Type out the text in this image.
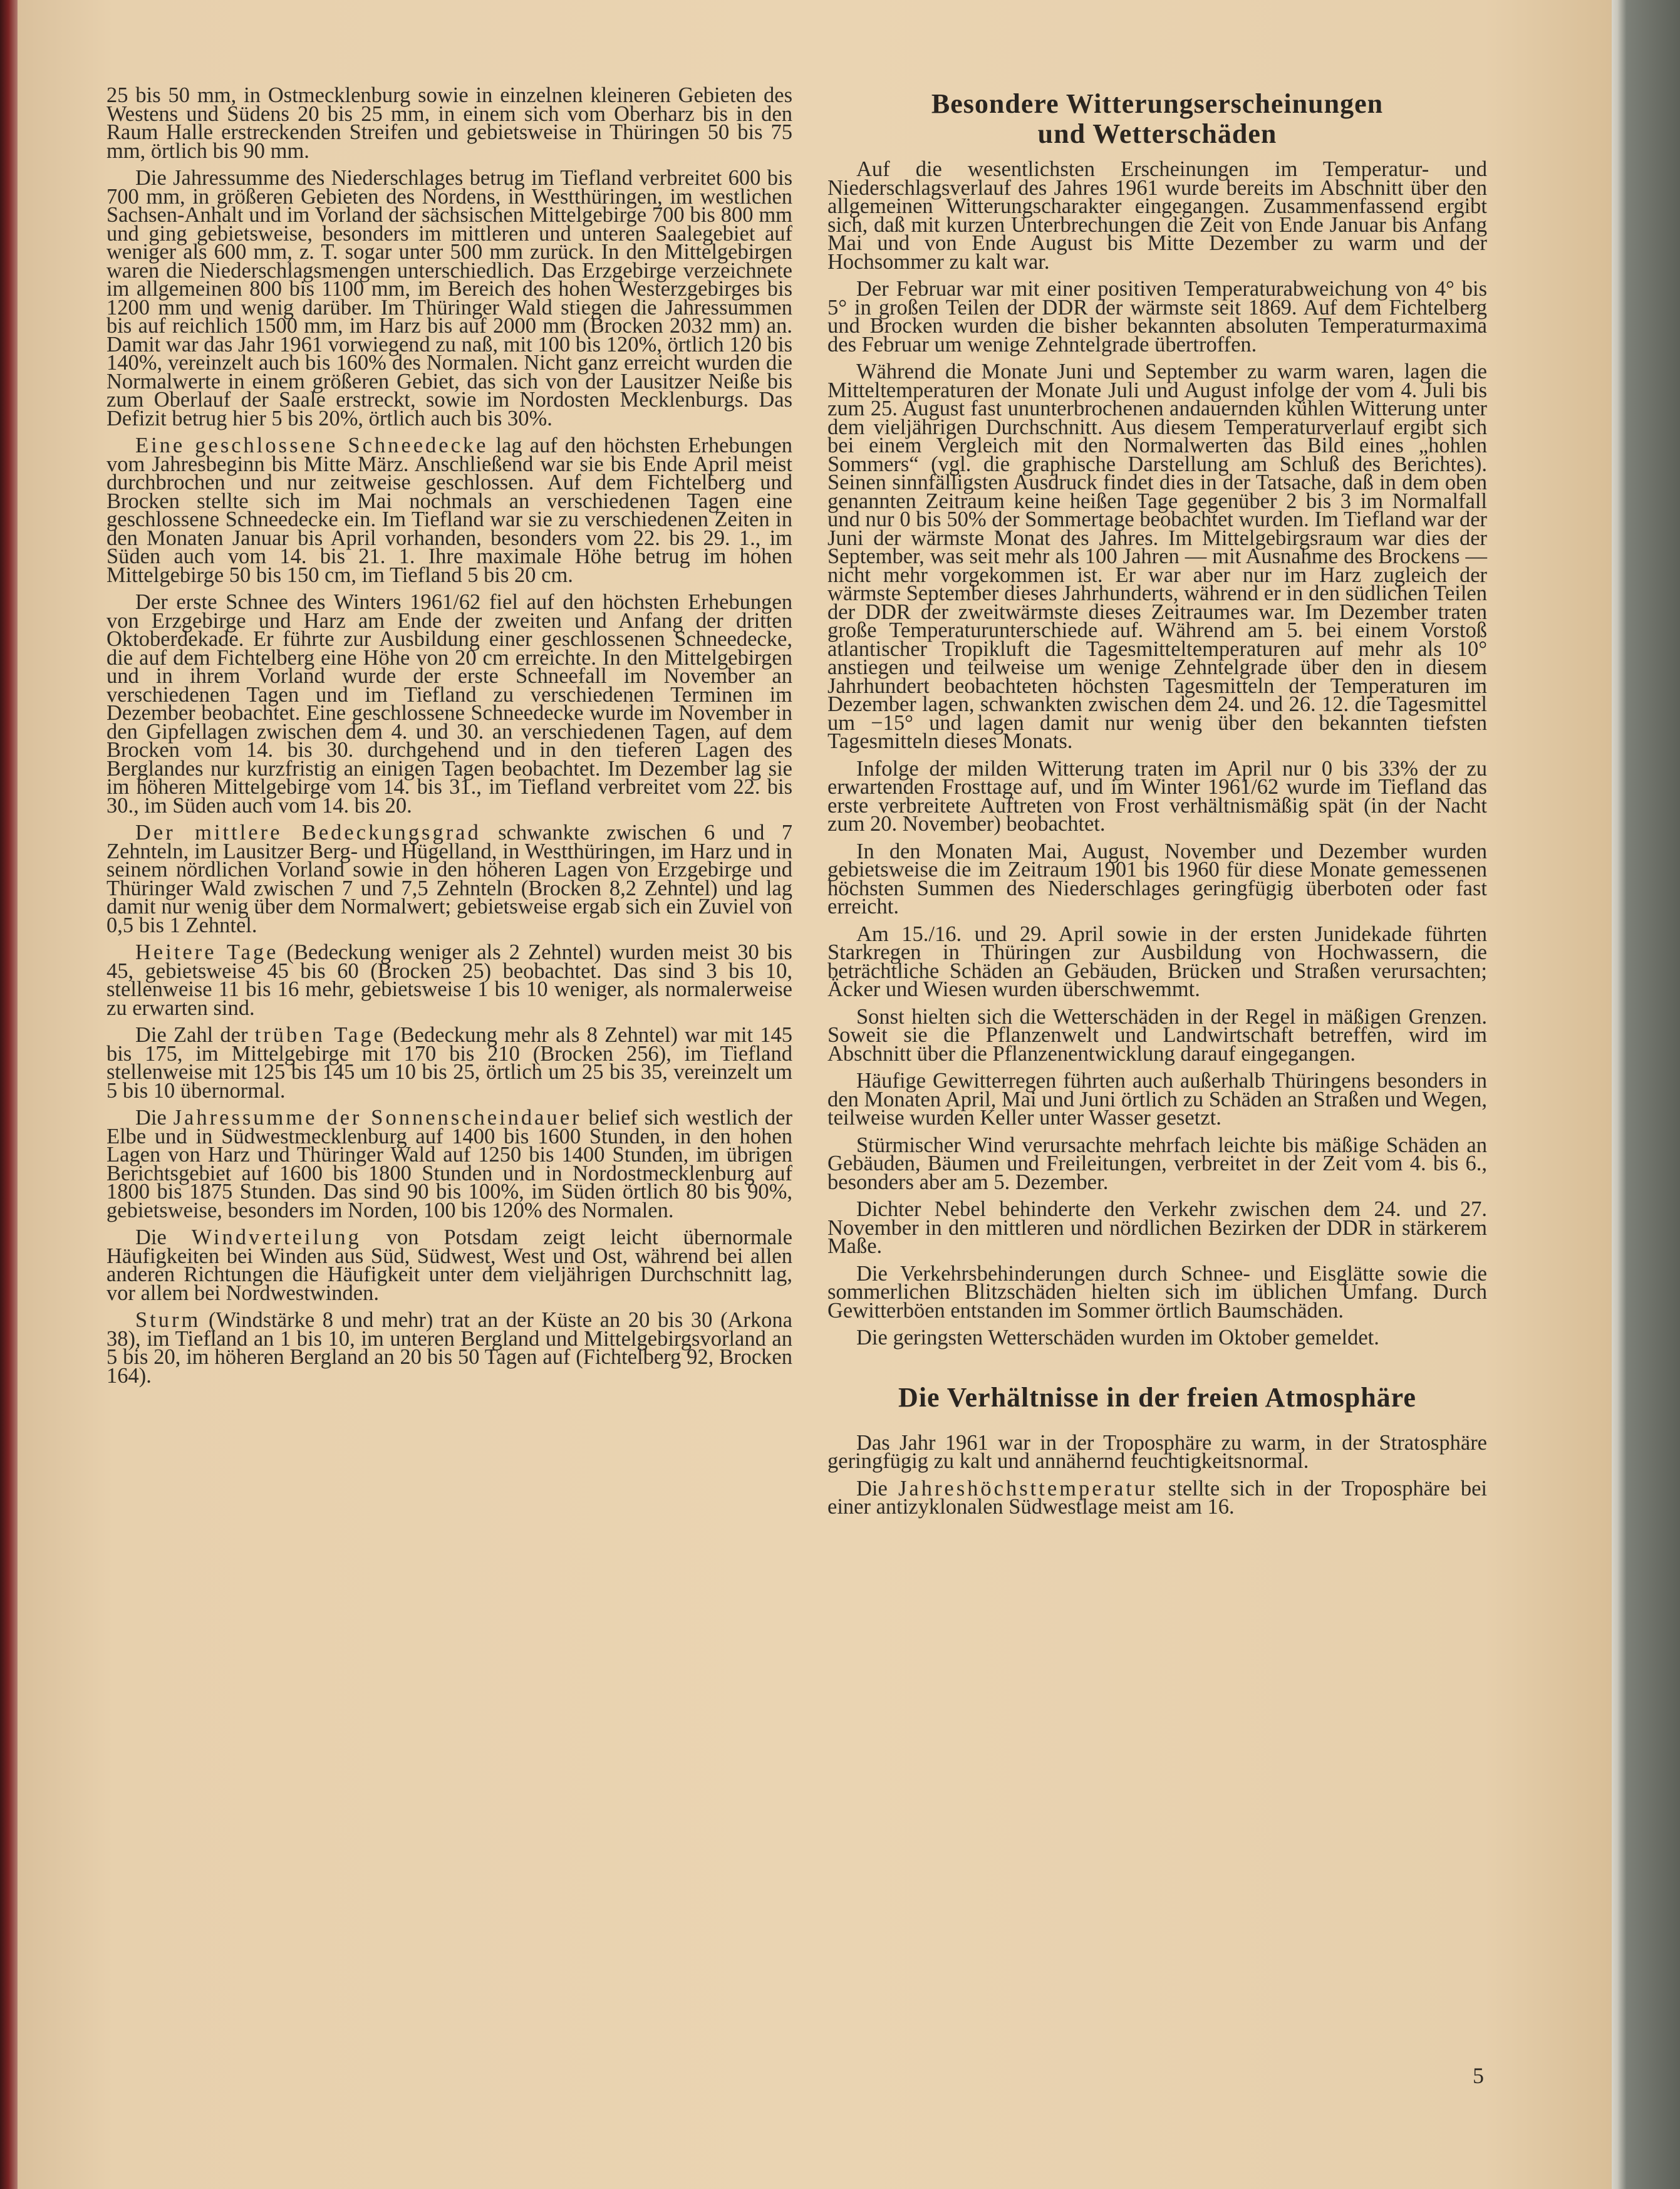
25 bis 50 mm, in Ostmecklenburg sowie in einzelnen kleineren Gebieten des Westens und Südens 20 bis 25 mm, in einem sich vom Oberharz bis in den Raum Halle erstreckenden Streifen und gebietsweise in Thüringen 50 bis 75 mm, örtlich bis 90 mm.

Die Jahressumme des Niederschlages betrug im Tiefland verbreitet 600 bis 700 mm, in größeren Gebieten des Nordens, in Westthüringen, im westlichen Sachsen-Anhalt und im Vorland der sächsischen Mittelgebirge 700 bis 800 mm und ging gebietsweise, besonders im mittleren und unteren Saalegebiet auf weniger als 600 mm, z. T. sogar unter 500 mm zurück. In den Mittelgebirgen waren die Niederschlagsmengen unterschiedlich. Das Erzgebirge verzeichnete im allgemeinen 800 bis 1100 mm, im Bereich des hohen Westerzgebirges bis 1200 mm und wenig darüber. Im Thüringer Wald stiegen die Jahressummen bis auf reichlich 1500 mm, im Harz bis auf 2000 mm (Brocken 2032 mm) an. Damit war das Jahr 1961 vorwiegend zu naß, mit 100 bis 120%, örtlich 120 bis 140%, vereinzelt auch bis 160% des Normalen. Nicht ganz erreicht wurden die Normalwerte in einem größeren Gebiet, das sich von der Lausitzer Neiße bis zum Oberlauf der Saale erstreckt, sowie im Nordosten Mecklenburgs. Das Defizit betrug hier 5 bis 20%, örtlich auch bis 30%.

Eine geschlossene Schneedecke lag auf den höchsten Erhebungen vom Jahresbeginn bis Mitte März. Anschließend war sie bis Ende April meist durchbrochen und nur zeitweise geschlossen. Auf dem Fichtelberg und Brocken stellte sich im Mai nochmals an verschiedenen Tagen eine geschlossene Schneedecke ein. Im Tiefland war sie zu verschiedenen Zeiten in den Monaten Januar bis April vorhanden, besonders vom 22. bis 29. 1., im Süden auch vom 14. bis 21. 1. Ihre maximale Höhe betrug im hohen Mittelgebirge 50 bis 150 cm, im Tiefland 5 bis 20 cm.

Der erste Schnee des Winters 1961/62 fiel auf den höchsten Erhebungen von Erzgebirge und Harz am Ende der zweiten und Anfang der dritten Oktoberdekade. Er führte zur Ausbildung einer geschlossenen Schneedecke, die auf dem Fichtelberg eine Höhe von 20 cm erreichte. In den Mittelgebirgen und in ihrem Vorland wurde der erste Schneefall im November an verschiedenen Tagen und im Tiefland zu verschiedenen Terminen im Dezember beobachtet. Eine geschlossene Schneedecke wurde im November in den Gipfellagen zwischen dem 4. und 30. an verschiedenen Tagen, auf dem Brocken vom 14. bis 30. durchgehend und in den tieferen Lagen des Berglandes nur kurzfristig an einigen Tagen beobachtet. Im Dezember lag sie im höheren Mittelgebirge vom 14. bis 31., im Tiefland verbreitet vom 22. bis 30., im Süden auch vom 14. bis 20.

Der mittlere Bedeckungsgrad schwankte zwischen 6 und 7 Zehnteln, im Lausitzer Berg- und Hügelland, in Westthüringen, im Harz und in seinem nördlichen Vorland sowie in den höheren Lagen von Erzgebirge und Thüringer Wald zwischen 7 und 7,5 Zehnteln (Brocken 8,2 Zehntel) und lag damit nur wenig über dem Normalwert; gebietsweise ergab sich ein Zuviel von 0,5 bis 1 Zehntel.

Heitere Tage (Bedeckung weniger als 2 Zehntel) wurden meist 30 bis 45, gebietsweise 45 bis 60 (Brocken 25) beobachtet. Das sind 3 bis 10, stellenweise 11 bis 16 mehr, gebietsweise 1 bis 10 weniger, als normalerweise zu erwarten sind.

Die Zahl der trüben Tage (Bedeckung mehr als 8 Zehntel) war mit 145 bis 175, im Mittelgebirge mit 170 bis 210 (Brocken 256), im Tiefland stellenweise mit 125 bis 145 um 10 bis 25, örtlich um 25 bis 35, vereinzelt um 5 bis 10 übernormal.

Die Jahressumme der Sonnenscheindauer belief sich westlich der Elbe und in Südwestmecklenburg auf 1400 bis 1600 Stunden, in den hohen Lagen von Harz und Thüringer Wald auf 1250 bis 1400 Stunden, im übrigen Berichtsgebiet auf 1600 bis 1800 Stunden und in Nordostmecklenburg auf 1800 bis 1875 Stunden. Das sind 90 bis 100%, im Süden örtlich 80 bis 90%, gebietsweise, besonders im Norden, 100 bis 120% des Normalen.

Die Windverteilung von Potsdam zeigt leicht übernormale Häufigkeiten bei Winden aus Süd, Südwest, West und Ost, während bei allen anderen Richtungen die Häufigkeit unter dem vieljährigen Durchschnitt lag, vor allem bei Nordwestwinden.

Sturm (Windstärke 8 und mehr) trat an der Küste an 20 bis 30 (Arkona 38), im Tiefland an 1 bis 10, im unteren Bergland und Mittelgebirgsvorland an 5 bis 20, im höheren Bergland an 20 bis 50 Tagen auf (Fichtelberg 92, Brocken 164).

Besondere Witterungserscheinungen
und Wetterschäden

Auf die wesentlichsten Erscheinungen im Temperatur- und Niederschlagsverlauf des Jahres 1961 wurde bereits im Abschnitt über den allgemeinen Witterungscharakter eingegangen. Zusammenfassend ergibt sich, daß mit kurzen Unterbrechungen die Zeit von Ende Januar bis Anfang Mai und von Ende August bis Mitte Dezember zu warm und der Hochsommer zu kalt war.

Der Februar war mit einer positiven Temperaturabweichung von 4° bis 5° in großen Teilen der DDR der wärmste seit 1869. Auf dem Fichtelberg und Brocken wurden die bisher bekannten absoluten Temperaturmaxima des Februar um wenige Zehntelgrade übertroffen.

Während die Monate Juni und September zu warm waren, lagen die Mitteltemperaturen der Monate Juli und August infolge der vom 4. Juli bis zum 25. August fast ununterbrochenen andauernden kühlen Witterung unter dem vieljährigen Durchschnitt. Aus diesem Temperaturverlauf ergibt sich bei einem Vergleich mit den Normalwerten das Bild eines „hohlen Sommers“ (vgl. die graphische Darstellung am Schluß des Berichtes). Seinen sinnfälligsten Ausdruck findet dies in der Tatsache, daß in dem oben genannten Zeitraum keine heißen Tage gegenüber 2 bis 3 im Normalfall und nur 0 bis 50% der Sommertage beobachtet wurden. Im Tiefland war der Juni der wärmste Monat des Jahres. Im Mittelgebirgsraum war dies der September, was seit mehr als 100 Jahren — mit Ausnahme des Brockens — nicht mehr vorgekommen ist. Er war aber nur im Harz zugleich der wärmste September dieses Jahrhunderts, während er in den südlichen Teilen der DDR der zweitwärmste dieses Zeitraumes war. Im Dezember traten große Temperaturunterschiede auf. Während am 5. bei einem Vorstoß atlantischer Tropikluft die Tagesmitteltemperaturen auf mehr als 10° anstiegen und teilweise um wenige Zehntelgrade über den in diesem Jahrhundert beobachteten höchsten Tagesmitteln der Temperaturen im Dezember lagen, schwankten zwischen dem 24. und 26. 12. die Tagesmittel um −15° und lagen damit nur wenig über den bekannten tiefsten Tagesmitteln dieses Monats.

Infolge der milden Witterung traten im April nur 0 bis 33% der zu erwartenden Frosttage auf, und im Winter 1961/62 wurde im Tiefland das erste verbreitete Auftreten von Frost verhältnismäßig spät (in der Nacht zum 20. November) beobachtet.

In den Monaten Mai, August, November und Dezember wurden gebietsweise die im Zeitraum 1901 bis 1960 für diese Monate gemessenen höchsten Summen des Niederschlages geringfügig überboten oder fast erreicht.

Am 15./16. und 29. April sowie in der ersten Junidekade führten Starkregen in Thüringen zur Ausbildung von Hochwassern, die beträchtliche Schäden an Gebäuden, Brücken und Straßen verursachten; Äcker und Wiesen wurden überschwemmt.

Sonst hielten sich die Wetterschäden in der Regel in mäßigen Grenzen. Soweit sie die Pflanzenwelt und Landwirtschaft betreffen, wird im Abschnitt über die Pflanzenentwicklung darauf eingegangen.

Häufige Gewitterregen führten auch außerhalb Thüringens besonders in den Monaten April, Mai und Juni örtlich zu Schäden an Straßen und Wegen, teilweise wurden Keller unter Wasser gesetzt.

Stürmischer Wind verursachte mehrfach leichte bis mäßige Schäden an Gebäuden, Bäumen und Freileitungen, verbreitet in der Zeit vom 4. bis 6., besonders aber am 5. Dezember.

Dichter Nebel behinderte den Verkehr zwischen dem 24. und 27. November in den mittleren und nördlichen Bezirken der DDR in stärkerem Maße.

Die Verkehrsbehinderungen durch Schnee- und Eisglätte sowie die sommerlichen Blitzschäden hielten sich im üblichen Umfang. Durch Gewitterböen entstanden im Sommer örtlich Baumschäden.

Die geringsten Wetterschäden wurden im Oktober gemeldet.

Die Verhältnisse in der freien Atmosphäre

Das Jahr 1961 war in der Troposphäre zu warm, in der Stratosphäre geringfügig zu kalt und annähernd feuchtigkeitsnormal.

Die Jahreshöchsttemperatur stellte sich in der Troposphäre bei einer antizyklonalen Südwestlage meist am 16.

5
